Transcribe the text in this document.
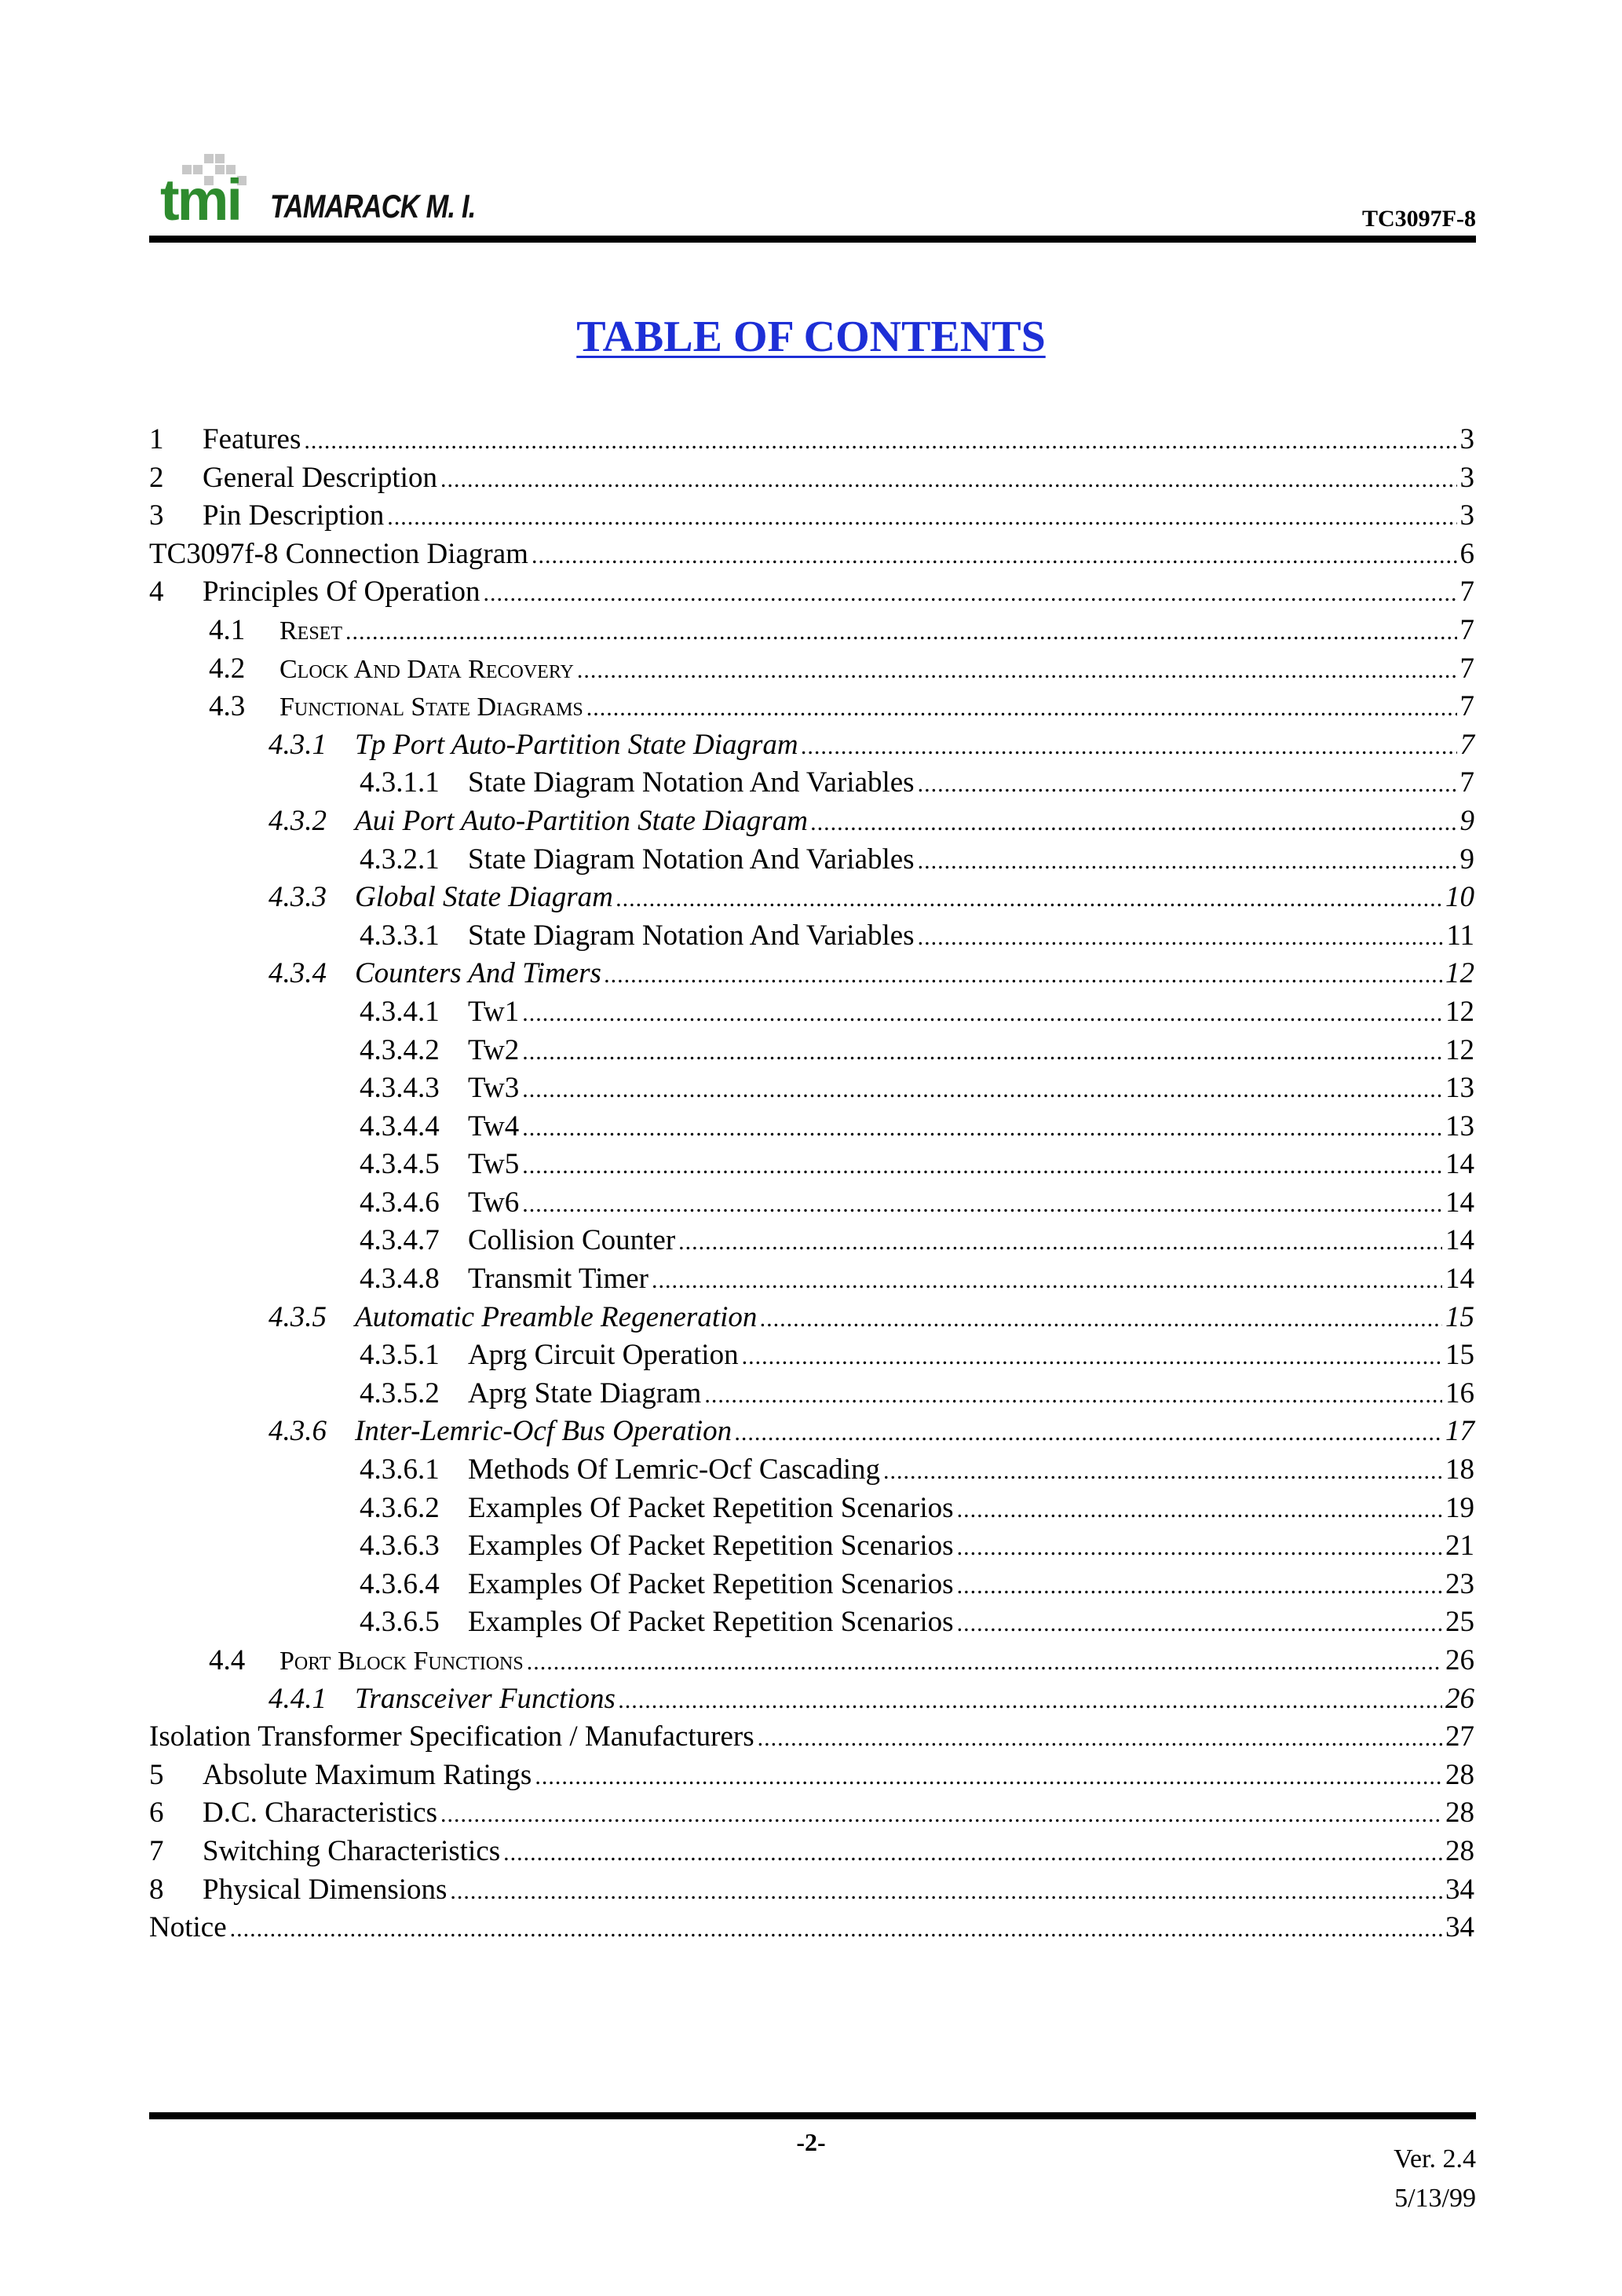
tmi TAMARACK M. I.	TC3097F-8
TABLE OF CONTENTS
1	Features .....	3
2	General Description .....	3
3	Pin Description .....	3
TC3097f-8 Connection Diagram .....	6
4	Principles Of Operation .....	7
4.1	Reset .....	7
4.2	Clock And Data Recovery .....	7
4.3	Functional State Diagrams .....	7
4.3.1 Tp Port Auto-Partition State Diagram .....	7
4.3.1.1 State Diagram Notation And Variables .....	7
4.3.2 Aui Port Auto-Partition State Diagram .....	9
4.3.2.1 State Diagram Notation And Variables .....	9
4.3.3 Global State Diagram .....	10
4.3.3.1 State Diagram Notation And Variables .....	11
4.3.4 Counters And Timers .....	12
4.3.4.1 Tw1 .....	12
4.3.4.2 Tw2 .....	12
4.3.4.3 Tw3 .....	13
4.3.4.4 Tw4 .....	13
4.3.4.5 Tw5 .....	14
4.3.4.6 Tw6 .....	14
4.3.4.7 Collision Counter .....	14
4.3.4.8 Transmit Timer .....	14
4.3.5 Automatic Preamble Regeneration .....	15
4.3.5.1 Aprg Circuit Operation .....	15
4.3.5.2 Aprg State Diagram .....	16
4.3.6 Inter-Lemric-Ocf Bus Operation .....	17
4.3.6.1 Methods Of Lemric-Ocf Cascading .....	18
4.3.6.2 Examples Of Packet Repetition Scenarios .....	19
4.3.6.3 Examples Of Packet Repetition Scenarios .....	21
4.3.6.4 Examples Of Packet Repetition Scenarios .....	23
4.3.6.5 Examples Of Packet Repetition Scenarios .....	25
4.4	Port Block Functions .....	26
4.4.1 Transceiver Functions .....	26
Isolation Transformer Specification / Manufacturers .....	27
5	Absolute Maximum Ratings .....	28
6	D.C. Characteristics .....	28
7	Switching Characteristics .....	28
8	Physical Dimensions .....	34
Notice .....	34
-2-
Ver. 2.4
5/13/99
